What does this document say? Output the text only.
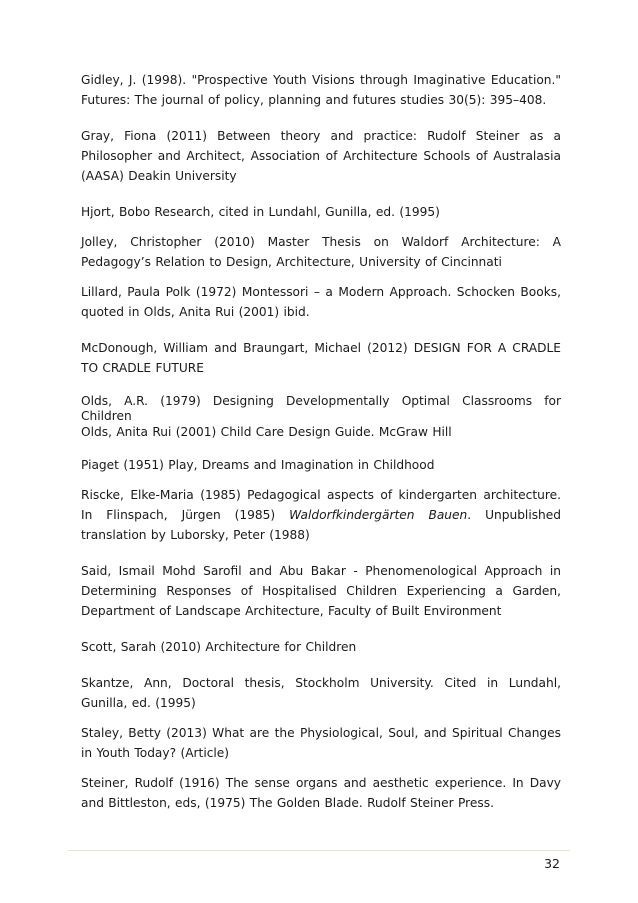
Gidley, J. (1998). "Prospective Youth Visions through Imaginative Education." Futures: The journal of policy, planning and futures studies 30(5): 395–408.

Gray, Fiona (2011) Between theory and practice: Rudolf Steiner as a Philosopher and Architect, Association of Architecture Schools of Australasia (AASA) Deakin University

Hjort, Bobo Research, cited in Lundahl, Gunilla, ed. (1995)

Jolley, Christopher (2010) Master Thesis on Waldorf Architecture: A Pedagogy’s Relation to Design, Architecture, University of Cincinnati

Lillard, Paula Polk (1972) Montessori – a Modern Approach. Schocken Books, quoted in Olds, Anita Rui (2001) ibid.

McDonough, William and Braungart, Michael (2012) DESIGN FOR A CRADLE TO CRADLE FUTURE

Olds, A.R. (1979) Designing Developmentally Optimal Classrooms for Children

Olds, Anita Rui (2001) Child Care Design Guide. McGraw Hill

Piaget (1951) Play, Dreams and Imagination in Childhood

Riscke, Elke-Maria (1985) Pedagogical aspects of kindergarten architecture. In Flinspach, Jürgen (1985) Waldorfkindergärten Bauen. Unpublished translation by Luborsky, Peter (1988)

Said, Ismail Mohd Sarofil and Abu Bakar - Phenomenological Approach in Determining Responses of Hospitalised Children Experiencing a Garden, Department of Landscape Architecture, Faculty of Built Environment

Scott, Sarah (2010) Architecture for Children

Skantze, Ann, Doctoral thesis, Stockholm University. Cited in Lundahl, Gunilla, ed. (1995)

Staley, Betty (2013) What are the Physiological, Soul, and Spiritual Changes in Youth Today? (Article)

Steiner, Rudolf (1916) The sense organs and aesthetic experience. In Davy and Bittleston, eds, (1975) The Golden Blade. Rudolf Steiner Press.

32
